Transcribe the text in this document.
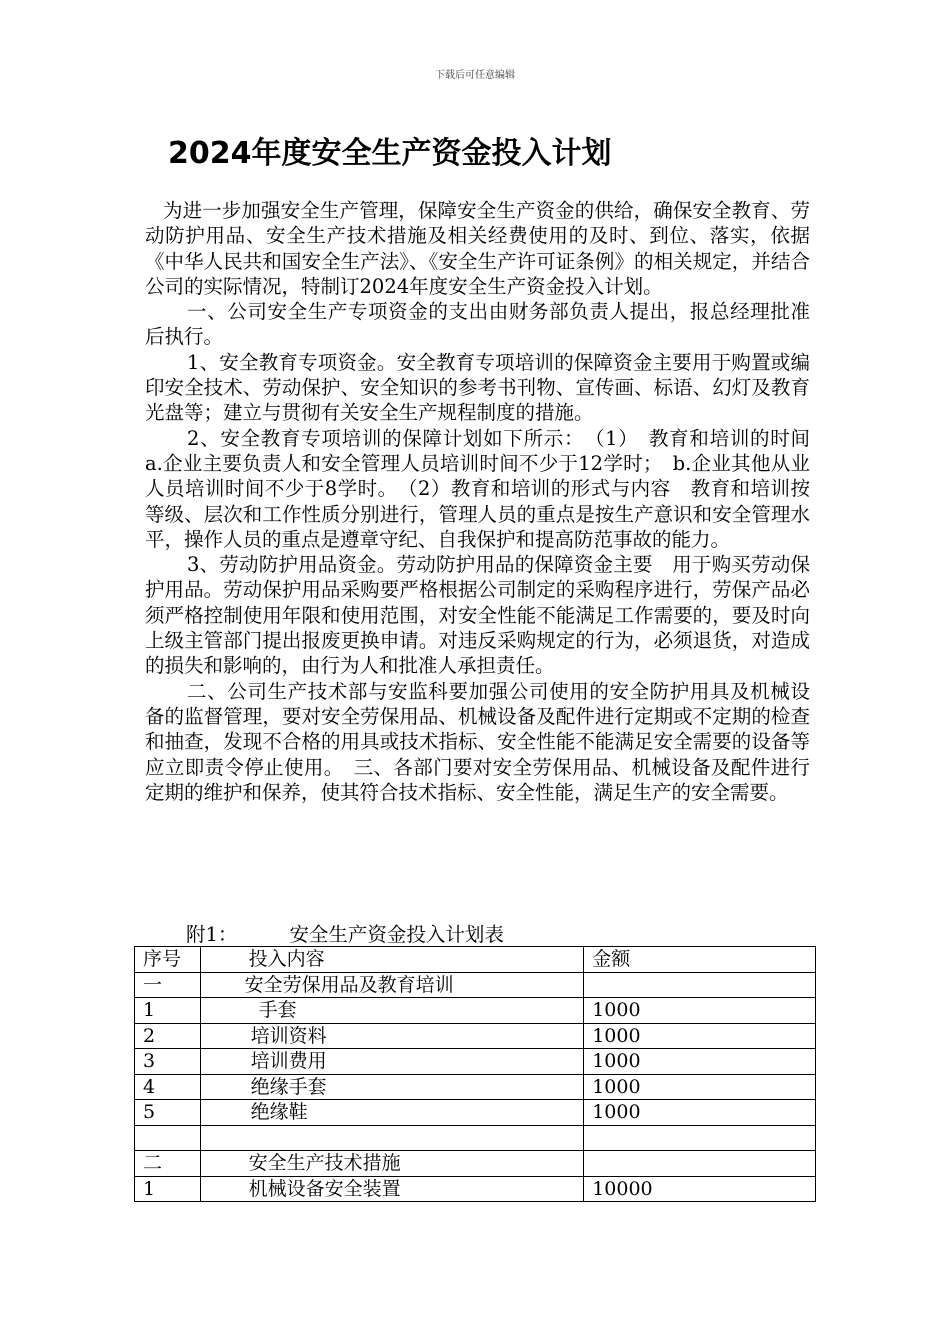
下载后可任意编辑
2024年度安全生产资金投入计划

为进一步加强安全生产管理，保障安全生产资金的供给，确保安全教育、劳动防护用品、安全生产技术措施及相关经费使用的及时、到位、落实，依据《中华人民共和国安全生产法》、《安全生产许可证条例》的相关规定，并结合公司的实际情况，特制订2024年度安全生产资金投入计划。

一、公司安全生产专项资金的支出由财务部负责人提出，报总经理批准后执行。

1、安全教育专项资金。安全教育专项培训的保障资金主要用于购置或编印安全技术、劳动保护、安全知识的参考书刊物、宣传画、标语、幻灯及教育光盘等；建立与贯彻有关安全生产规程制度的措施。

2、安全教育专项培训的保障计划如下所示：　（1）　教育和培训的时间　a.企业主要负责人和安全管理人员培训时间不少于12学时；　b.企业其他从业人员培训时间不少于8学时。　（2）教育和培训的形式与内容　教育和培训按等级、层次和工作性质分别进行，管理人员的重点是按生产意识和安全管理水平，操作人员的重点是遵章守纪、自我保护和提高防范事故的能力。

3、劳动防护用品资金。劳动防护用品的保障资金主要　用于购买劳动保护用品。劳动保护用品采购要严格根据公司制定的采购程序进行，劳保产品必须严格控制使用年限和使用范围，对安全性能不能满足工作需要的，要及时向上级主管部门提出报废更换申请。对违反采购规定的行为，必须退货，对造成的损失和影响的，由行为人和批准人承担责任。

二、公司生产技术部与安监科要加强公司使用的安全防护用具及机械设备的监督管理，要对安全劳保用品、机械设备及配件进行定期或不定期的检查和抽查，发现不合格的用具或技术指标、安全性能不能满足安全需要的设备等应立即责令停止使用。　三、各部门要对安全劳保用品、机械设备及配件进行定期的维护和保养，使其符合技术指标、安全性能，满足生产的安全需要。

附1：	安全生产资金投入计划表
序号	投入内容	金额
一	安全劳保用品及教育培训	
1	手套	1000
2	培训资料	1000
3	培训费用	1000
4	绝缘手套	1000
5	绝缘鞋	1000

二	安全生产技术措施	
1	机械设备安全装置	10000
